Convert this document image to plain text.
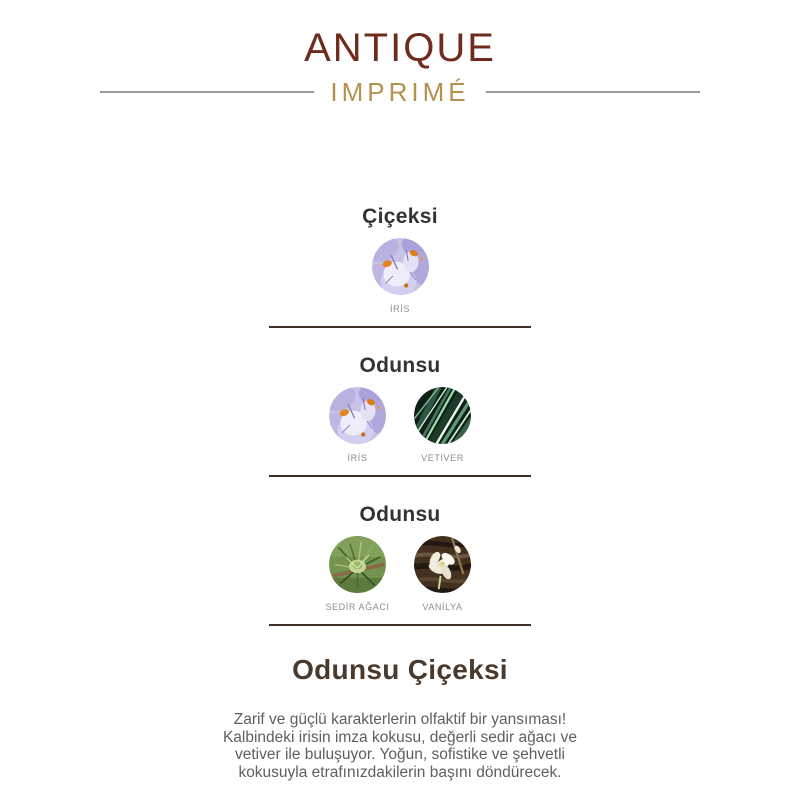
ANTIQUE
IMPRIMÉ
Çiçeksi
İRİS
Odunsu
İRİS	VETİVER
Odunsu
SEDİR AĞACI	VANİLYA
Odunsu Çiçeksi
Zarif ve güçlü karakterlerin olfaktif bir yansıması!
Kalbindeki irisin imza kokusu, değerli sedir ağacı ve
vetiver ile buluşuyor. Yoğun, sofistike ve şehvetli
kokusuyla etrafınızdakilerin başını döndürecek.
